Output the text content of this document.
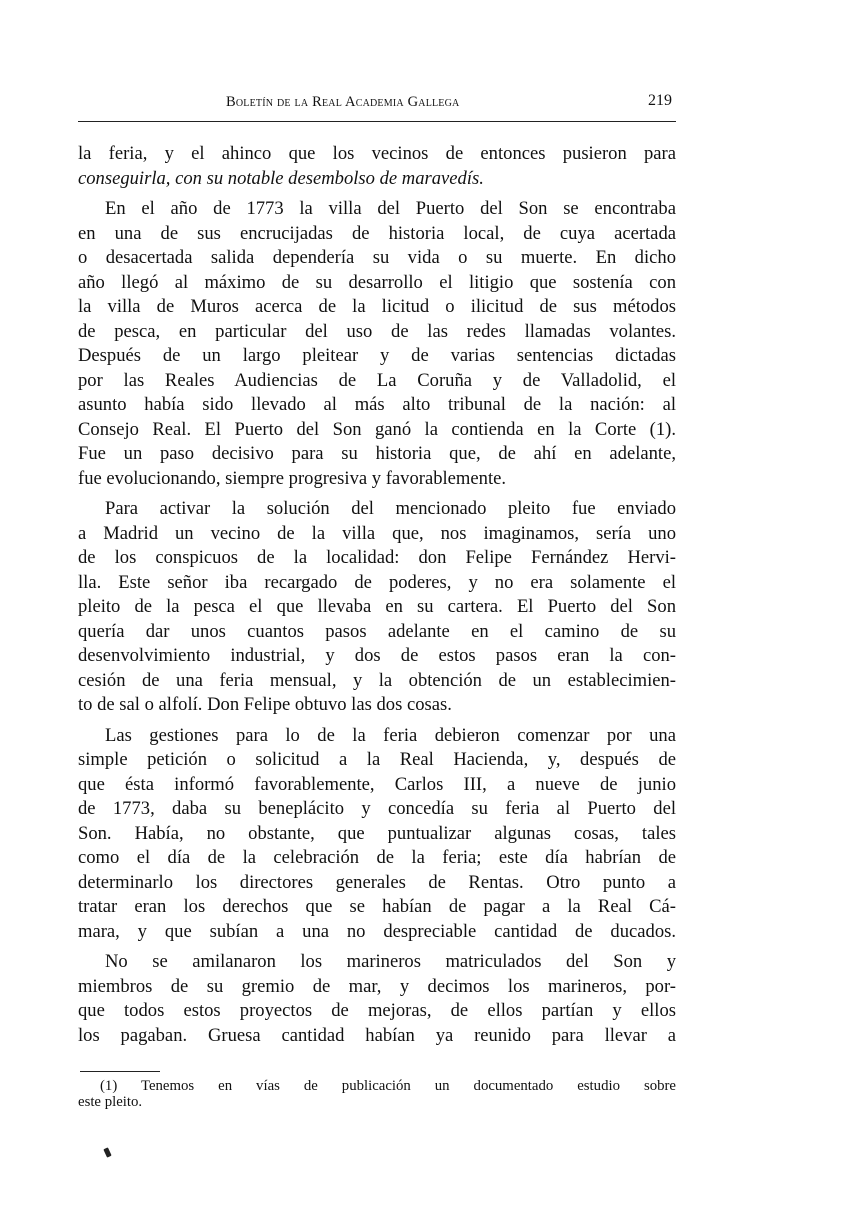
Boletín de la Real Academia Gallega	219
la feria, y el ahinco que los vecinos de entonces pusieron para
conseguirla, con su notable desembolso de maravedís.
En el año de 1773 la villa del Puerto del Son se encontraba
en una de sus encrucijadas de historia local, de cuya acertada
o desacertada salida dependería su vida o su muerte. En dicho
año llegó al máximo de su desarrollo el litigio que sostenía con
la villa de Muros acerca de la licitud o ilicitud de sus métodos
de pesca, en particular del uso de las redes llamadas volantes.
Después de un largo pleitear y de varias sentencias dictadas
por las Reales Audiencias de La Coruña y de Valladolid, el
asunto había sido llevado al más alto tribunal de la nación: al
Consejo Real. El Puerto del Son ganó la contienda en la Corte (1).
Fue un paso decisivo para su historia que, de ahí en adelante,
fue evolucionando, siempre progresiva y favorablemente.
Para activar la solución del mencionado pleito fue enviado
a Madrid un vecino de la villa que, nos imaginamos, sería uno
de los conspicuos de la localidad: don Felipe Fernández Hervi-
lla. Este señor iba recargado de poderes, y no era solamente el
pleito de la pesca el que llevaba en su cartera. El Puerto del Son
quería dar unos cuantos pasos adelante en el camino de su
desenvolvimiento industrial, y dos de estos pasos eran la con-
cesión de una feria mensual, y la obtención de un establecimien-
to de sal o alfolí. Don Felipe obtuvo las dos cosas.
Las gestiones para lo de la feria debieron comenzar por una
simple petición o solicitud a la Real Hacienda, y, después de
que ésta informó favorablemente, Carlos III, a nueve de junio
de 1773, daba su beneplácito y concedía su feria al Puerto del
Son. Había, no obstante, que puntualizar algunas cosas, tales
como el día de la celebración de la feria; este día habrían de
determinarlo los directores generales de Rentas. Otro punto a
tratar eran los derechos que se habían de pagar a la Real Cá-
mara, y que subían a una no despreciable cantidad de ducados.
No se amilanaron los marineros matriculados del Son y
miembros de su gremio de mar, y decimos los marineros, por-
que todos estos proyectos de mejoras, de ellos partían y ellos
los pagaban. Gruesa cantidad habían ya reunido para llevar a
(1) Tenemos en vías de publicación un documentado estudio sobre
este pleito.
